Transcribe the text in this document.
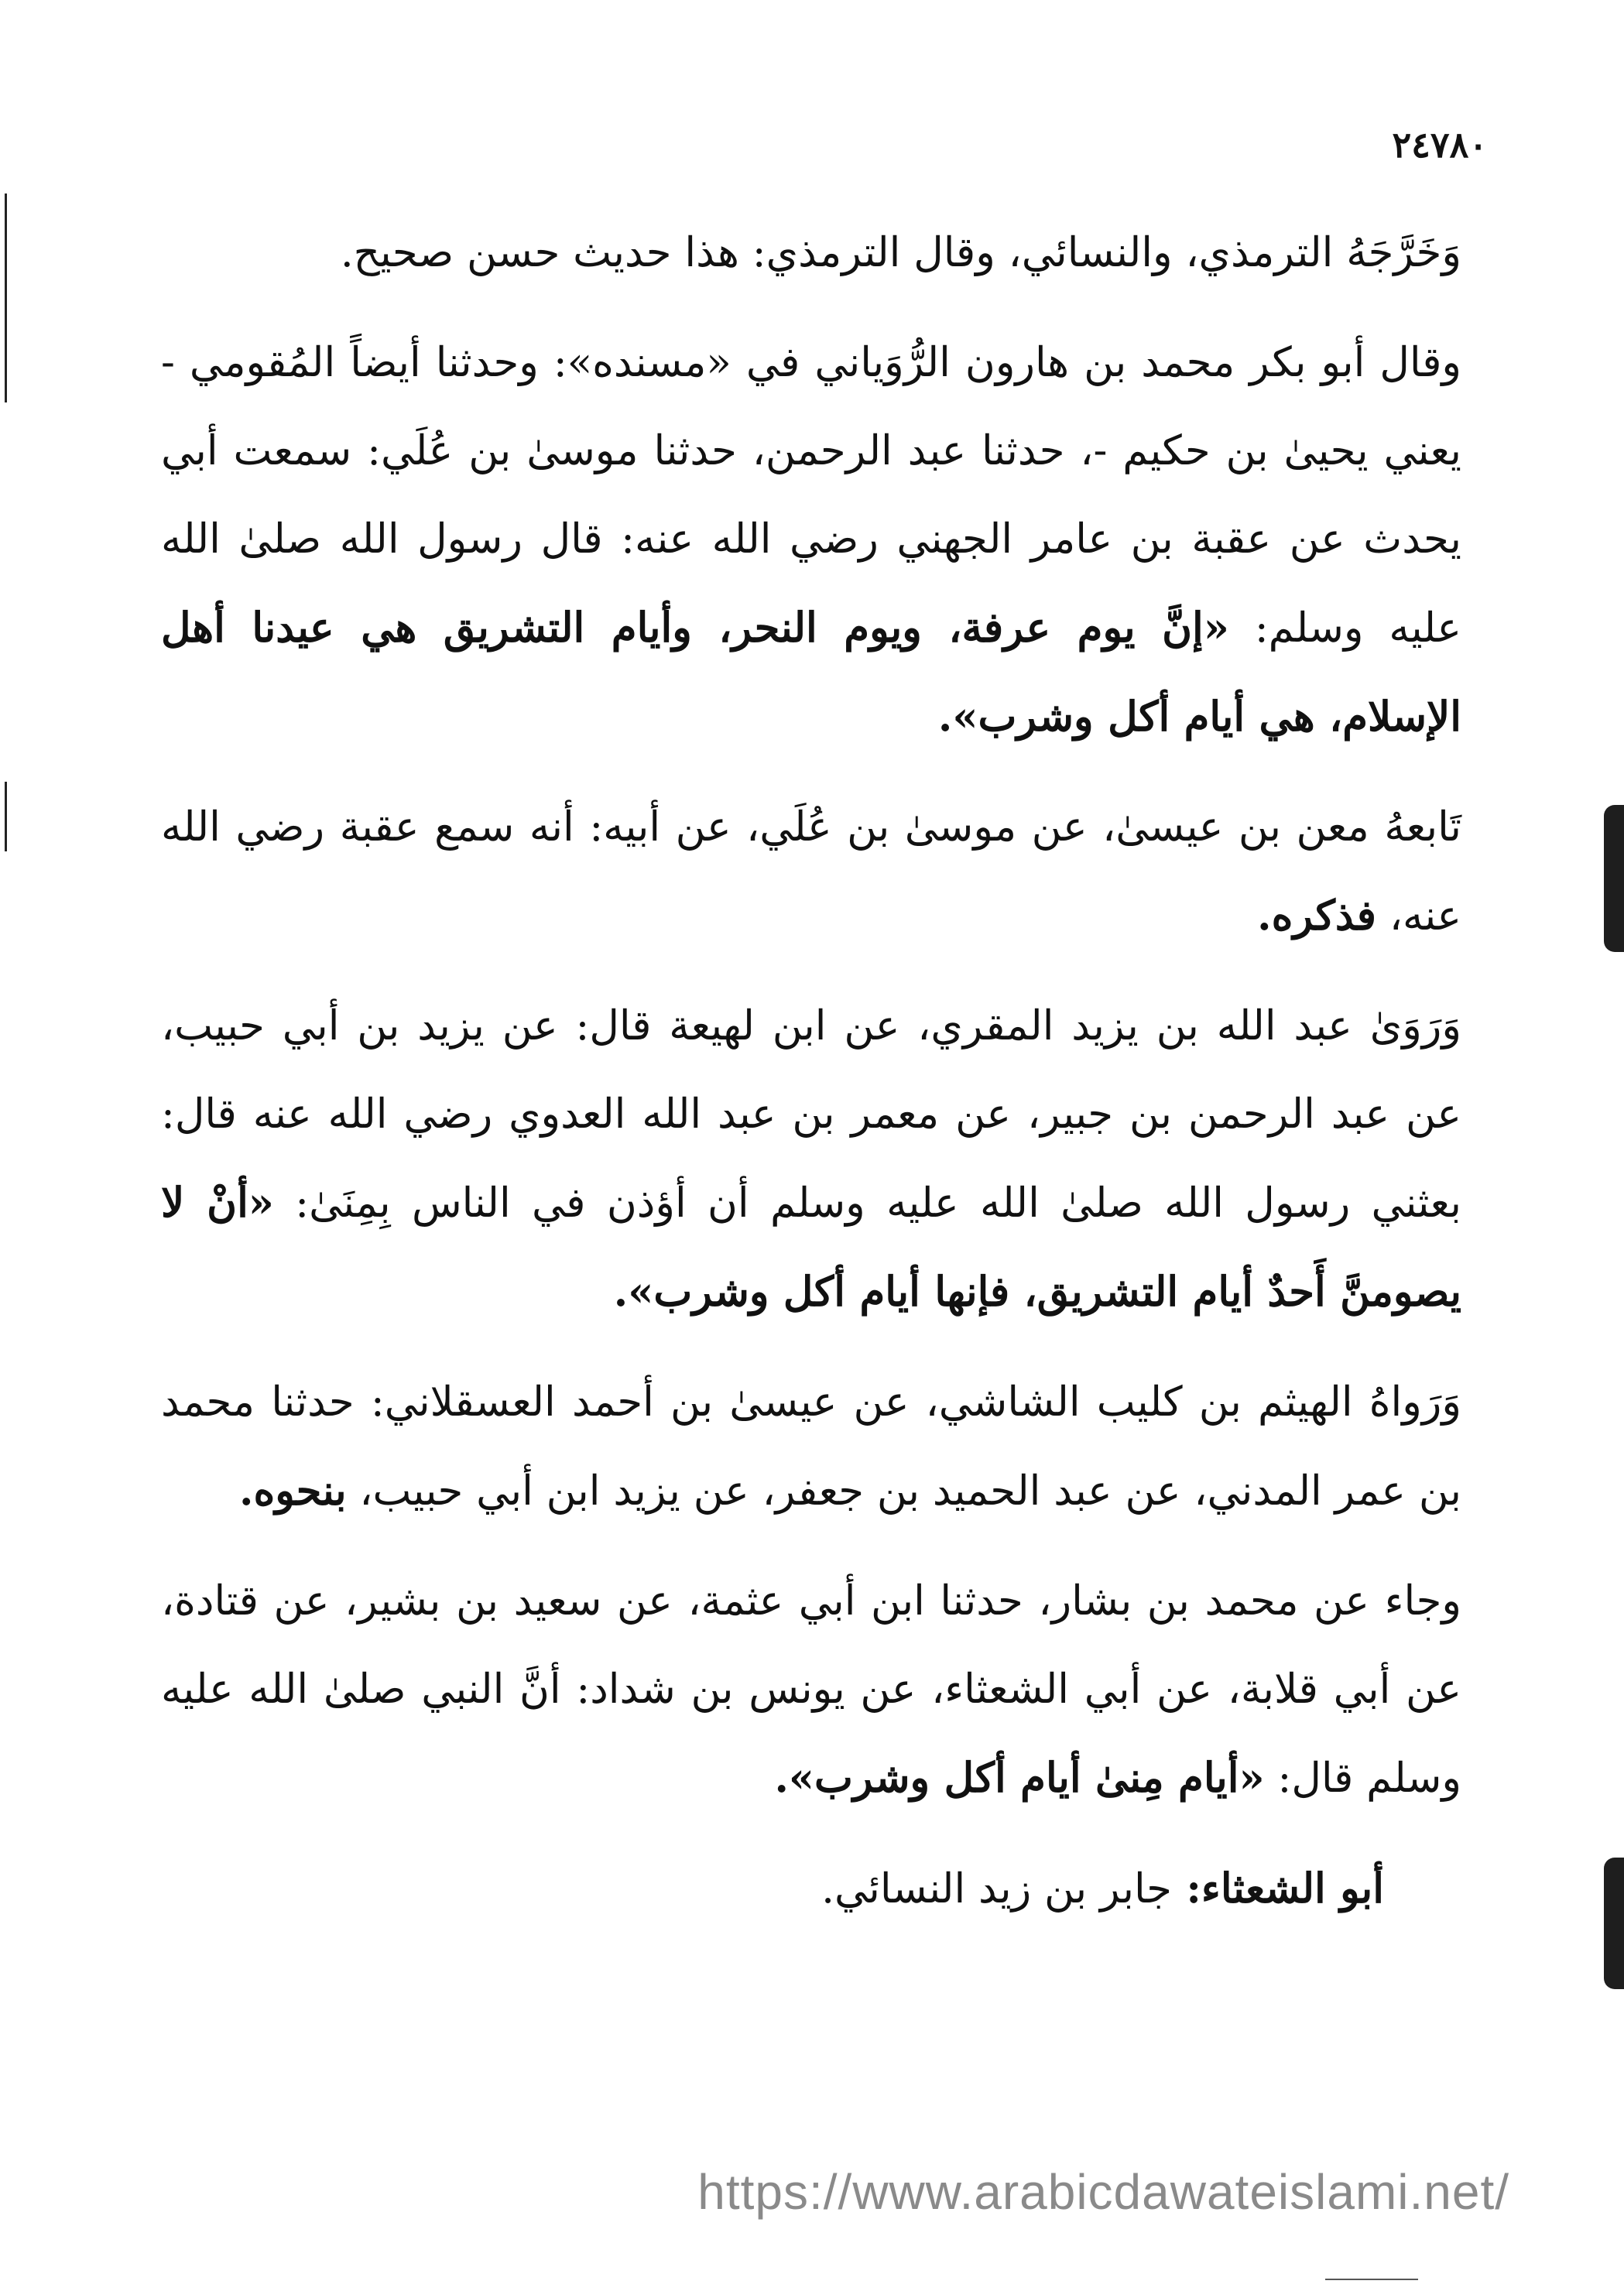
٢٤٧٨٠

وَخَرَّجَهُ الترمذي، والنسائي، وقال الترمذي: هذا حديث حسن صحيح.

وقال أبو بكر محمد بن هارون الرُّوَياني في «مسنده»: وحدثنا أيضاً المُقومي - يعني يحيىٰ بن حكيم -، حدثنا عبد الرحمن، حدثنا موسىٰ بن عُلَي: سمعت أبي يحدث عن عقبة بن عامر الجهني رضي الله عنه: قال رسول الله صلىٰ الله عليه وسلم: «إنَّ يوم عرفة، ويوم النحر، وأيام التشريق هي عيدنا أهل الإسلام، هي أيام أكل وشرب».

تَابعهُ معن بن عيسىٰ، عن موسىٰ بن عُلَي، عن أبيه: أنه سمع عقبة رضي الله عنه، فذكره.

وَرَوَىٰ عبد الله بن يزيد المقري، عن ابن لهيعة قال: عن يزيد بن أبي حبيب، عن عبد الرحمن بن جبير، عن معمر بن عبد الله العدوي رضي الله عنه قال: بعثني رسول الله صلىٰ الله عليه وسلم أن أؤذن في الناس بِمِنَىٰ: «أنْ لا يصومنَّ أَحدٌ أيام التشريق، فإنها أيام أكل وشرب».

وَرَواهُ الهيثم بن كليب الشاشي، عن عيسىٰ بن أحمد العسقلاني: حدثنا محمد بن عمر المدني، عن عبد الحميد بن جعفر، عن يزيد ابن أبي حبيب، بنحوه.

وجاء عن محمد بن بشار، حدثنا ابن أبي عثمة، عن سعيد بن بشير، عن قتادة، عن أبي قلابة، عن أبي الشعثاء، عن يونس بن شداد: أنَّ النبي صلىٰ الله عليه وسلم قال: «أيام مِنىٰ أيام أكل وشرب».

أبو الشعثاء: جابر بن زيد النسائي.

https://www.arabicdawateislami.net/
